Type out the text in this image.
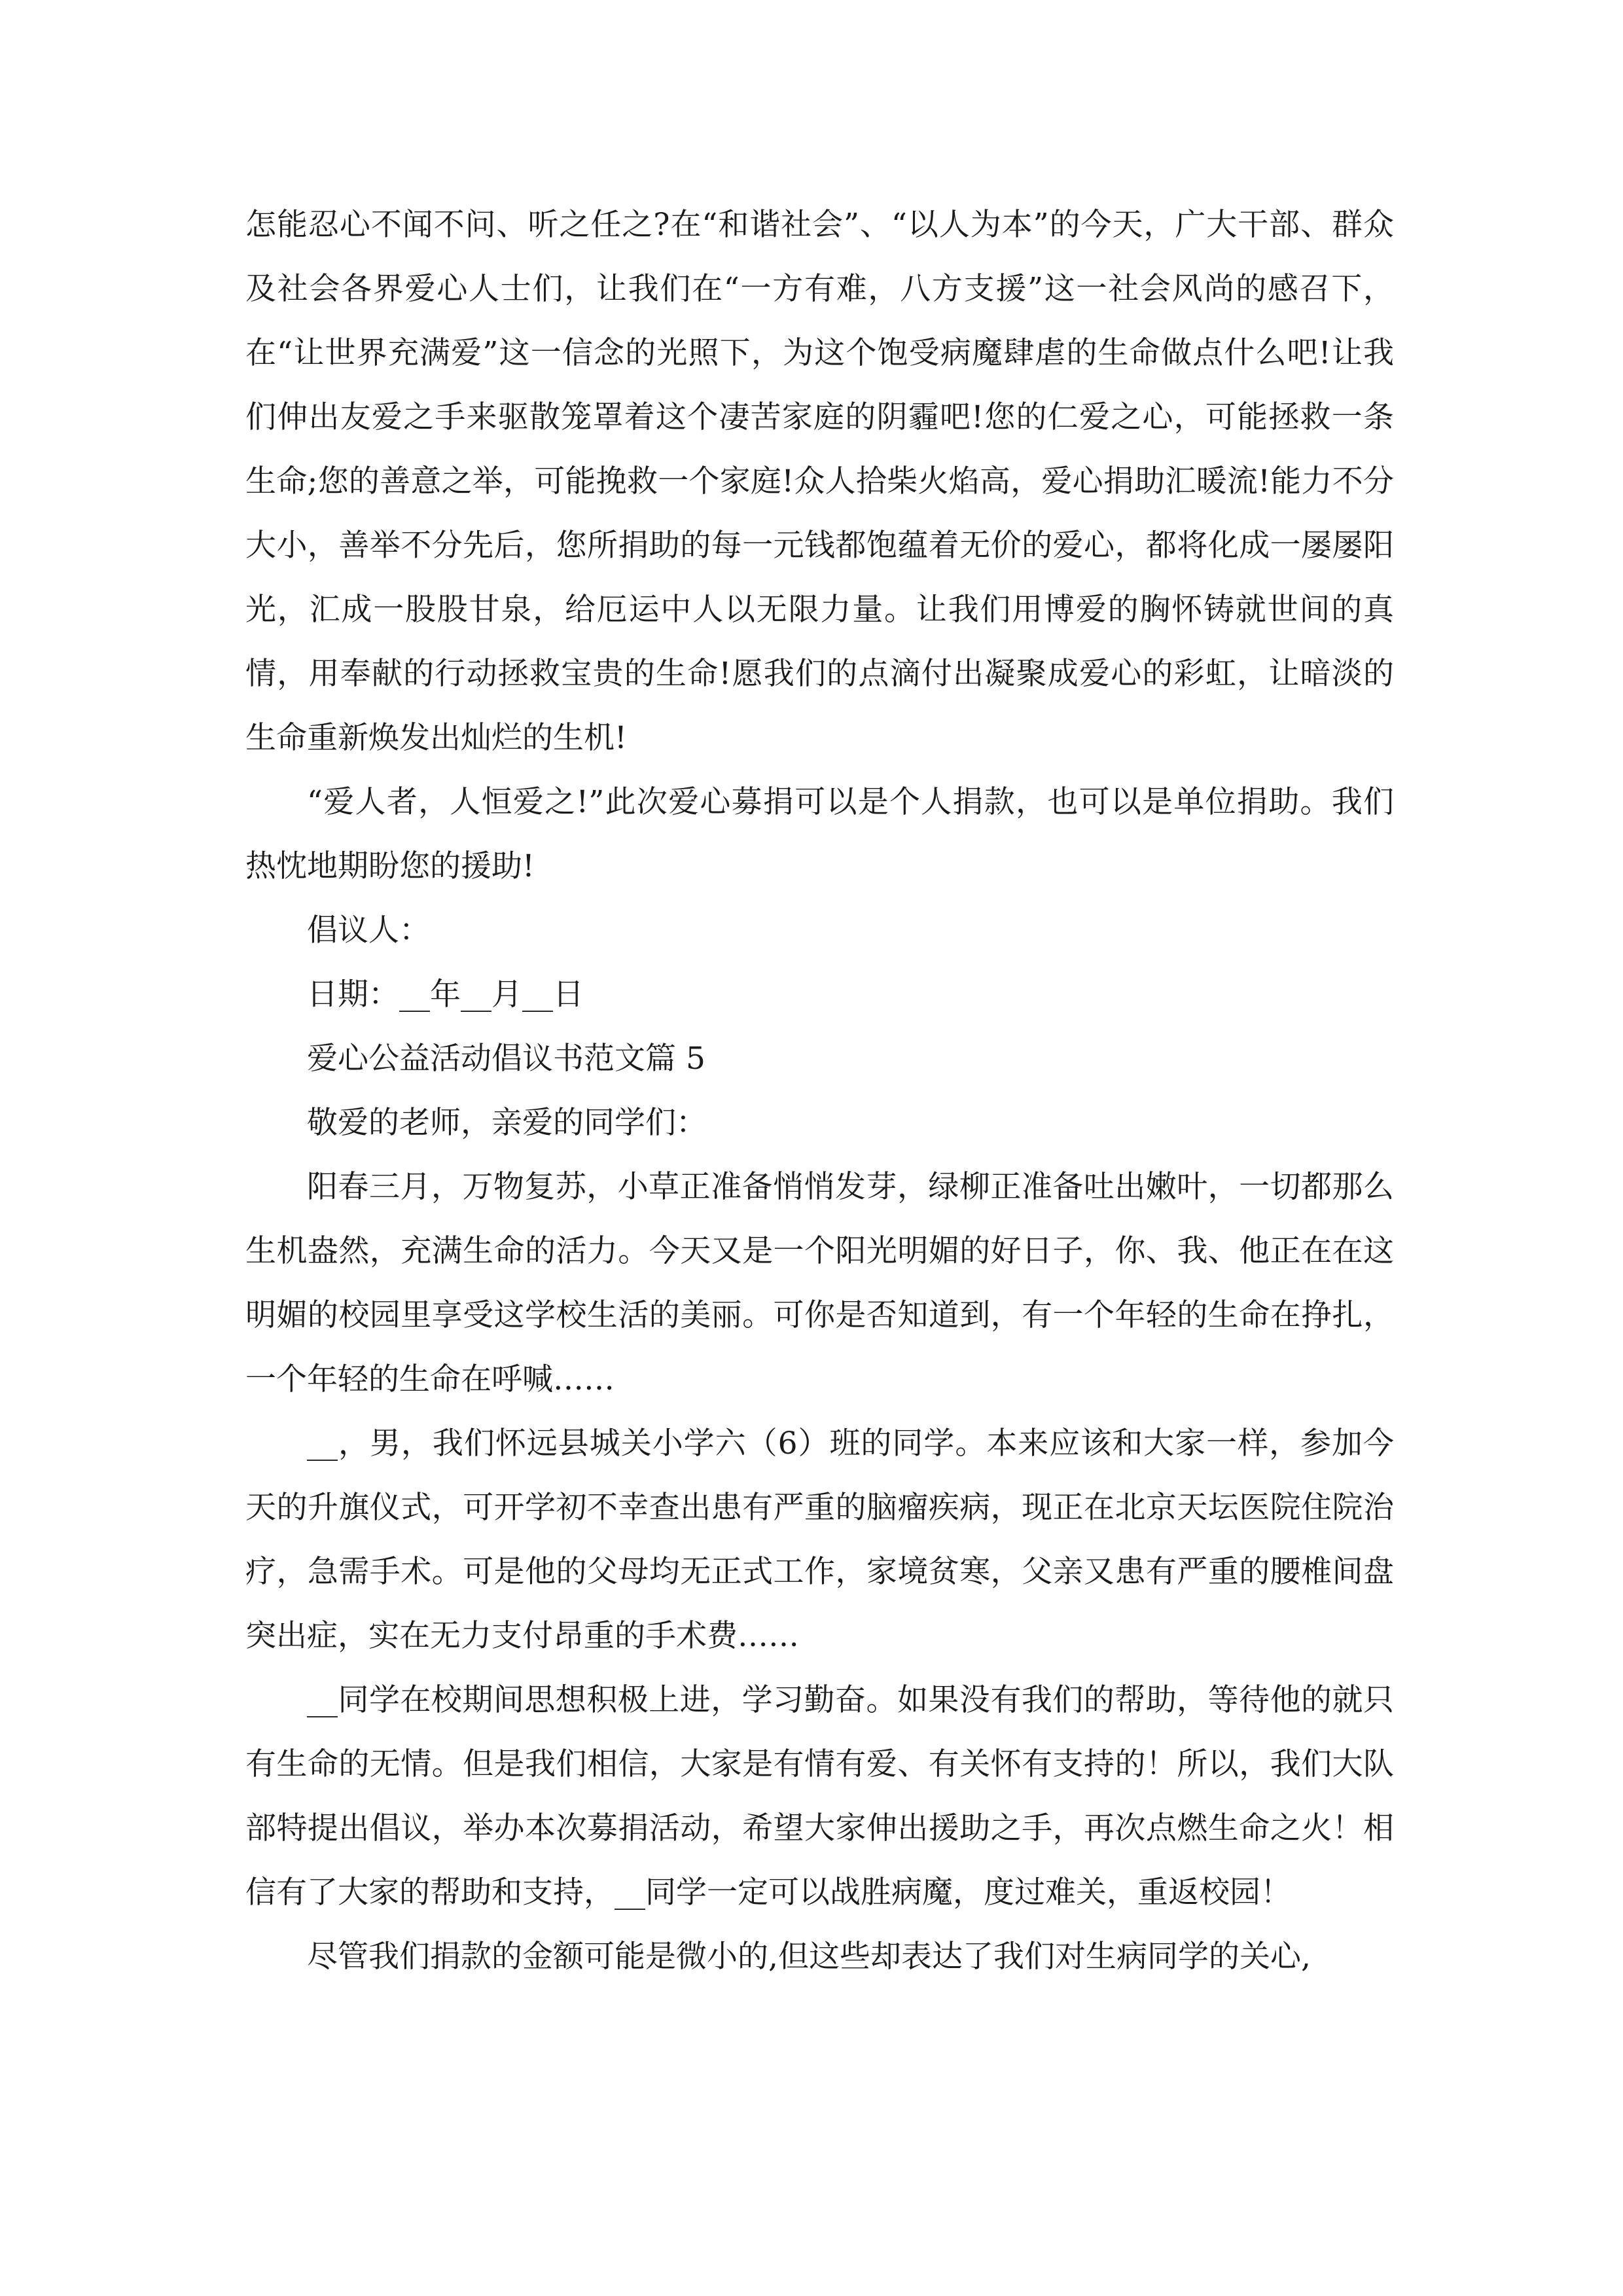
怎能忍心不闻不问、听之任之?在“和谐社会”、“以人为本”的今天，广大干部、群众及社会各界爱心人士们，让我们在“一方有难，八方支援”这一社会风尚的感召下，在“让世界充满爱”这一信念的光照下，为这个饱受病魔肆虐的生命做点什么吧!让我们伸出友爱之手来驱散笼罩着这个凄苦家庭的阴霾吧!您的仁爱之心，可能拯救一条生命;您的善意之举，可能挽救一个家庭!众人拾柴火焰高，爱心捐助汇暖流!能力不分大小，善举不分先后，您所捐助的每一元钱都饱蕴着无价的爱心，都将化成一屡屡阳光，汇成一股股甘泉，给厄运中人以无限力量。让我们用博爱的胸怀铸就世间的真情，用奉献的行动拯救宝贵的生命!愿我们的点滴付出凝聚成爱心的彩虹，让暗淡的生命重新焕发出灿烂的生机!

“爱人者，人恒爱之!”此次爱心募捐可以是个人捐款，也可以是单位捐助。我们热忱地期盼您的援助!

倡议人：

日期：__年__月__日

爱心公益活动倡议书范文篇 5

敬爱的老师，亲爱的同学们：

阳春三月，万物复苏，小草正准备悄悄发芽，绿柳正准备吐出嫩叶，一切都那么生机盎然，充满生命的活力。今天又是一个阳光明媚的好日子，你、我、他正在在这明媚的校园里享受这学校生活的美丽。可你是否知道到，有一个年轻的生命在挣扎，一个年轻的生命在呼喊……

__，男，我们怀远县城关小学六（6）班的同学。本来应该和大家一样，参加今天的升旗仪式，可开学初不幸查出患有严重的脑瘤疾病，现正在北京天坛医院住院治疗，急需手术。可是他的父母均无正式工作，家境贫寒，父亲又患有严重的腰椎间盘突出症，实在无力支付昂重的手术费……

__同学在校期间思想积极上进，学习勤奋。如果没有我们的帮助，等待他的就只有生命的无情。但是我们相信，大家是有情有爱、有关怀有支持的！所以，我们大队部特提出倡议，举办本次募捐活动，希望大家伸出援助之手，再次点燃生命之火！相信有了大家的帮助和支持，__同学一定可以战胜病魔，度过难关，重返校园！

尽管我们捐款的金额可能是微小的,但这些却表达了我们对生病同学的关心,
